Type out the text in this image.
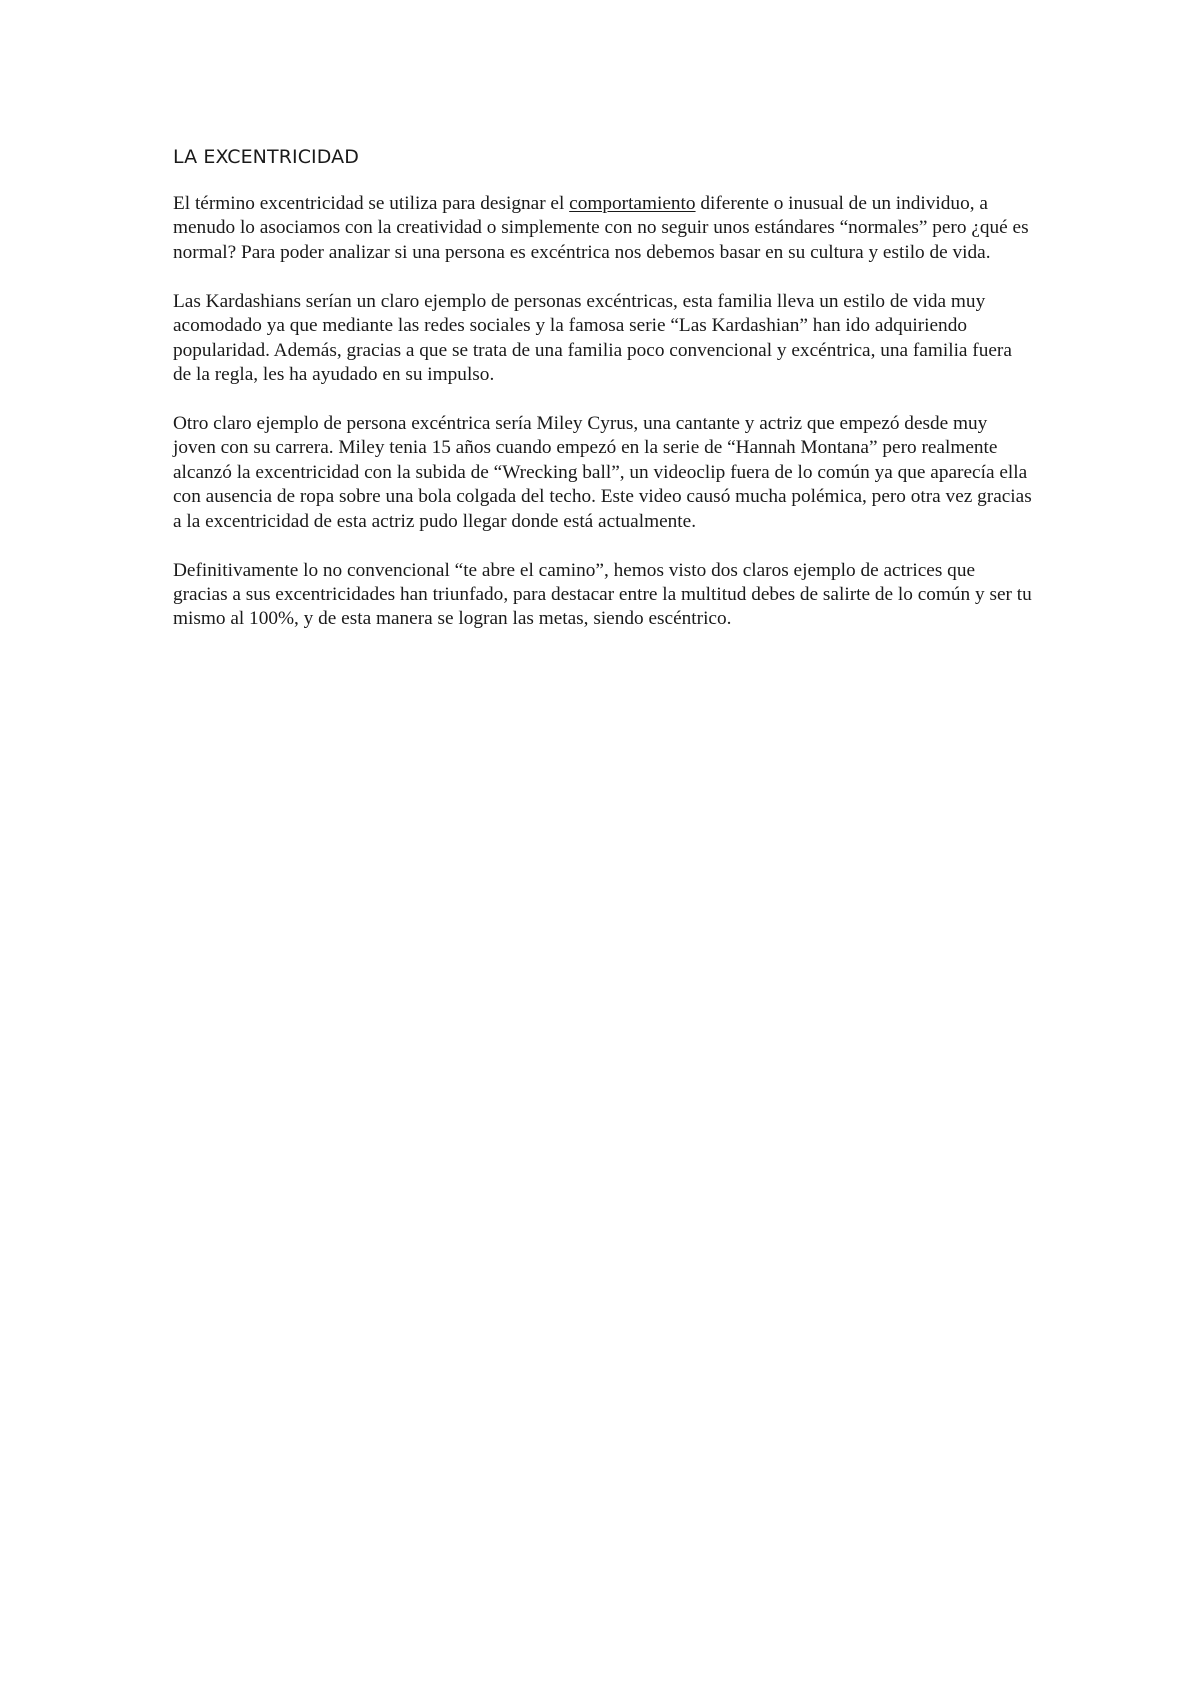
LA EXCENTRICIDAD

El término excentricidad se utiliza para designar el comportamiento diferente o inusual de un individuo, a menudo lo asociamos con la creatividad o simplemente con no seguir unos estándares “normales” pero ¿qué es normal? Para poder analizar si una persona es excéntrica nos debemos basar en su cultura y estilo de vida.

Las Kardashians serían un claro ejemplo de personas excéntricas, esta familia lleva un estilo de vida muy acomodado ya que mediante las redes sociales y la famosa serie “Las Kardashian” han ido adquiriendo popularidad. Además, gracias a que se trata de una familia poco convencional y excéntrica, una familia fuera de la regla, les ha ayudado en su impulso.

Otro claro ejemplo de persona excéntrica sería Miley Cyrus, una cantante y actriz que empezó desde muy joven con su carrera. Miley tenia 15 años cuando empezó en la serie de “Hannah Montana” pero realmente alcanzó la excentricidad con la subida de “Wrecking ball”, un videoclip fuera de lo común ya que aparecía ella con ausencia de ropa sobre una bola colgada del techo. Este video causó mucha polémica, pero otra vez gracias a la excentricidad de esta actriz pudo llegar donde está actualmente.

Definitivamente lo no convencional “te abre el camino”, hemos visto dos claros ejemplo de actrices que gracias a sus excentricidades han triunfado, para destacar entre la multitud debes de salirte de lo común y ser tu mismo al 100%, y de esta manera se logran las metas, siendo escéntrico.
